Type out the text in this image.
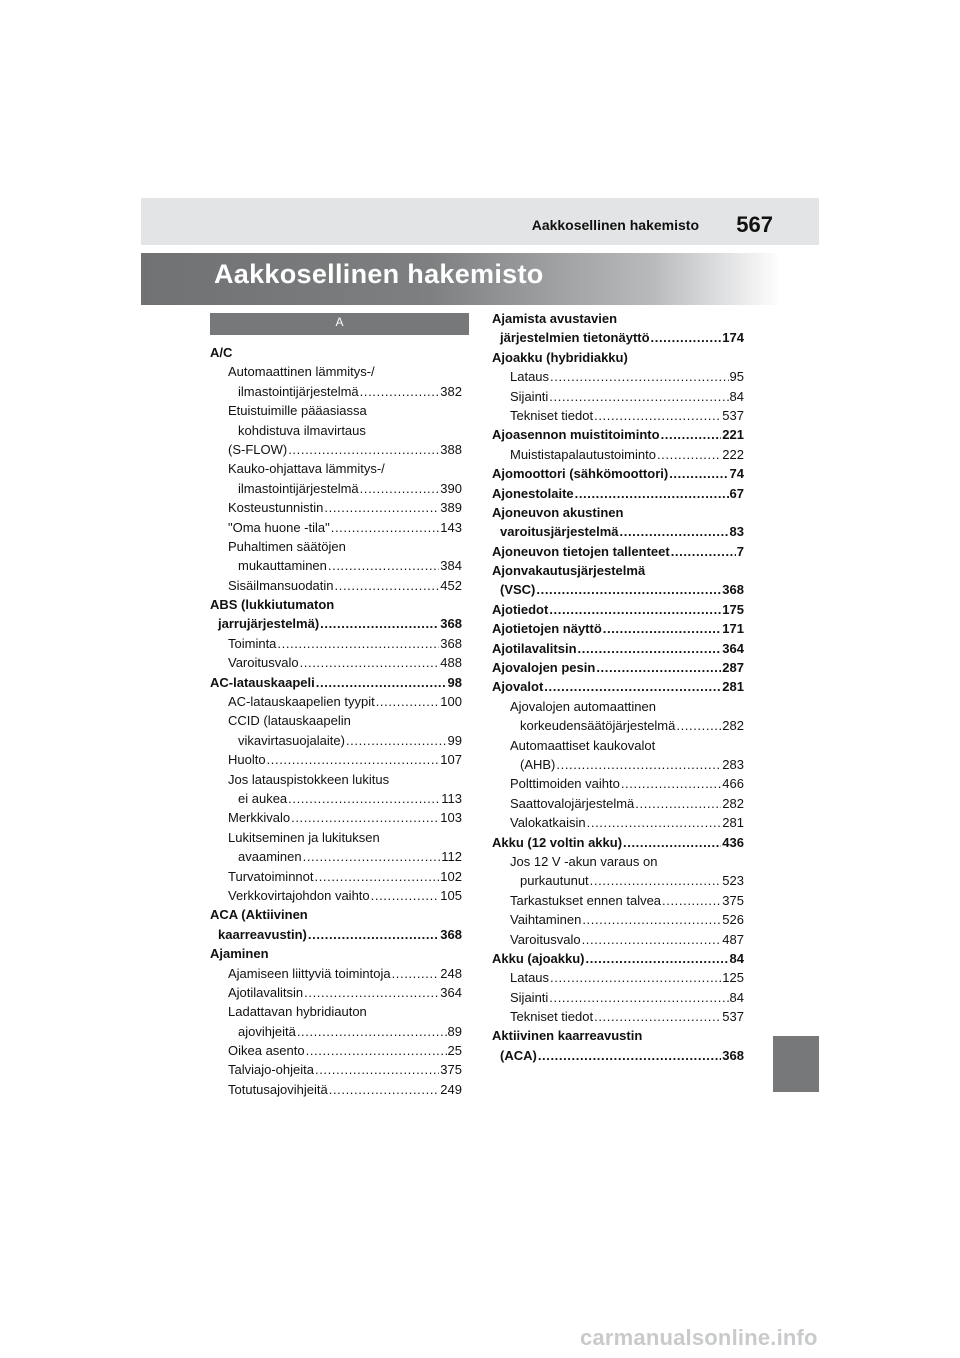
Aakkosellinen hakemisto 567
Aakkosellinen hakemisto
A
A/C
Automaattinen lämmitys-/
ilmastointijärjestelmä .....	382
Etuistuimille pääasiassa
kohdistuva ilmavirtaus
(S-FLOW) .....	388
Kauko-ohjattava lämmitys-/
ilmastointijärjestelmä .....	390
Kosteustunnistin .....	389
"Oma huone -tila" .....	143
Puhaltimen säätöjen
mukauttaminen .....	384
Sisäilmansuodatin .....	452
ABS (lukkiutumaton
jarrujärjestelmä) .....	368
Toiminta .....	368
Varoitusvalo .....	488
AC-latauskaapeli .....	98
AC-latauskaapelien tyypit .....	100
CCID (latauskaapelin
vikavirtasuojalaite) .....	99
Huolto .....	107
Jos latauspistokkeen lukitus
ei aukea .....	113
Merkkivalo .....	103
Lukitseminen ja lukituksen
avaaminen .....	112
Turvatoiminnot .....	102
Verkkovirtajohdon vaihto .....	105
ACA (Aktiivinen
kaarreavustin) .....	368
Ajaminen
Ajamiseen liittyviä toimintoja .....	248
Ajotilavalitsin .....	364
Ladattavan hybridiauton
ajovihjeitä .....	89
Oikea asento .....	25
Talviajo-ohjeita .....	375
Totutusajovihjeitä .....	249
Ajamista avustavien
järjestelmien tietonäyttö .....	174
Ajoakku (hybridiakku)
Lataus .....	95
Sijainti .....	84
Tekniset tiedot .....	537
Ajoasennon muistitoiminto .....	221
Muististapalautustoiminto .....	222
Ajomoottori (sähkömoottori) .....	74
Ajonestolaite .....	67
Ajoneuvon akustinen
varoitusjärjestelmä .....	83
Ajoneuvon tietojen tallenteet .....	7
Ajonvakautusjärjestelmä
(VSC) .....	368
Ajotiedot .....	175
Ajotietojen näyttö .....	171
Ajotilavalitsin .....	364
Ajovalojen pesin .....	287
Ajovalot .....	281
Ajovalojen automaattinen
korkeudensäätöjärjestelmä .....	282
Automaattiset kaukovalot
(AHB) .....	283
Polttimoiden vaihto .....	466
Saattovalojärjestelmä .....	282
Valokatkaisin .....	281
Akku (12 voltin akku) .....	436
Jos 12 V -akun varaus on
purkautunut .....	523
Tarkastukset ennen talvea .....	375
Vaihtaminen .....	526
Varoitusvalo .....	487
Akku (ajoakku) .....	84
Lataus .....	125
Sijainti .....	84
Tekniset tiedot .....	537
Aktiivinen kaarreavustin
(ACA) .....	368
carmanualsonline.info
